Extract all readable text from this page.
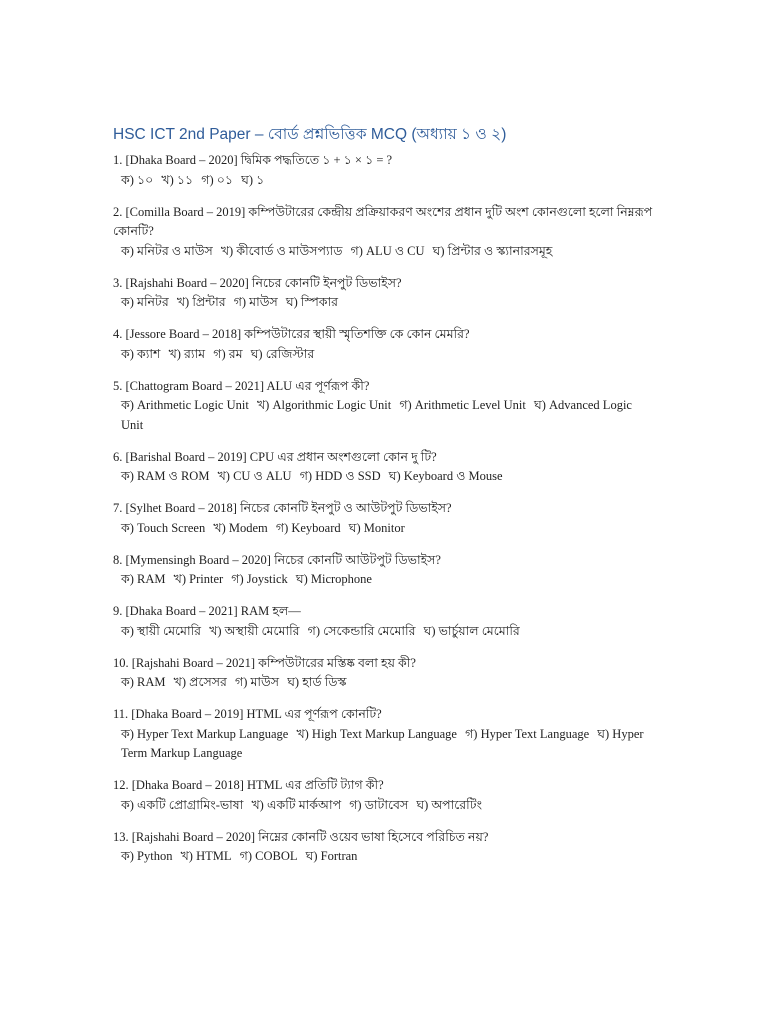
HSC ICT 2nd Paper – বোর্ড প্রশ্নভিত্তিক MCQ (অধ্যায় ১ ও ২)
1. [Dhaka Board – 2020] দ্বিমিক পদ্ধতিতে ১ + ১ × ১ = ?
ক) ১০ খ) ১১ গ) ০১ ঘ) ১
2. [Comilla Board – 2019] কম্পিউটারের কেন্দ্রীয় প্রক্রিয়াকরণ অংশের প্রধান দুটি অংশ কোনগুলো হলো নিম্নরূপ কোনটি?
ক) মনিটর ও মাউস খ) কীবোর্ড ও মাউসপ্যাড গ) ALU ও CU ঘ) প্রিন্টার ও স্ক্যানারসমূহ
3. [Rajshahi Board – 2020] নিচের কোনটি ইনপুট ডিভাইস?
ক) মনিটর খ) প্রিন্টার গ) মাউস ঘ) স্পিকার
4. [Jessore Board – 2018] কম্পিউটারের স্থায়ী স্মৃতিশক্তি কে কোন মেমরি?
ক) ক্যাশ খ) র‍্যাম গ) রম ঘ) রেজিস্টার
5. [Chattogram Board – 2021] ALU এর পূর্ণরূপ কী?
ক) Arithmetic Logic Unit খ) Algorithmic Logic Unit গ) Arithmetic Level Unit ঘ) Advanced Logic Unit
6. [Barishal Board – 2019] CPU এর প্রধান অংশগুলো কোন দু টি?
ক) RAM ও ROM খ) CU ও ALU গ) HDD ও SSD ঘ) Keyboard ও Mouse
7. [Sylhet Board – 2018] নিচের কোনটি ইনপুট ও আউটপুট ডিভাইস?
ক) Touch Screen খ) Modem গ) Keyboard ঘ) Monitor
8. [Mymensingh Board – 2020] নিচের কোনটি আউটপুট ডিভাইস?
ক) RAM খ) Printer গ) Joystick ঘ) Microphone
9. [Dhaka Board – 2021] RAM হল—
ক) স্থায়ী মেমোরি খ) অস্থায়ী মেমোরি গ) সেকেন্ডারি মেমোরি ঘ) ভার্চুয়াল মেমোরি
10. [Rajshahi Board – 2021] কম্পিউটারের মস্তিষ্ক বলা হয় কী?
ক) RAM খ) প্রসেসর গ) মাউস ঘ) হার্ড ডিস্ক
11. [Dhaka Board – 2019] HTML এর পূর্ণরূপ কোনটি?
ক) Hyper Text Markup Language খ) High Text Markup Language গ) Hyper Text Language ঘ) Hyper Term Markup Language
12. [Dhaka Board – 2018] HTML এর প্রতিটি ট্যাগ কী?
ক) একটি প্রোগ্রামিং-ভাষা খ) একটি মার্কআপ গ) ডাটাবেস ঘ) অপারেটিং
13. [Rajshahi Board – 2020] নিম্নের কোনটি ওয়েব ভাষা হিসেবে পরিচিত নয়?
ক) Python খ) HTML গ) COBOL ঘ) Fortran
